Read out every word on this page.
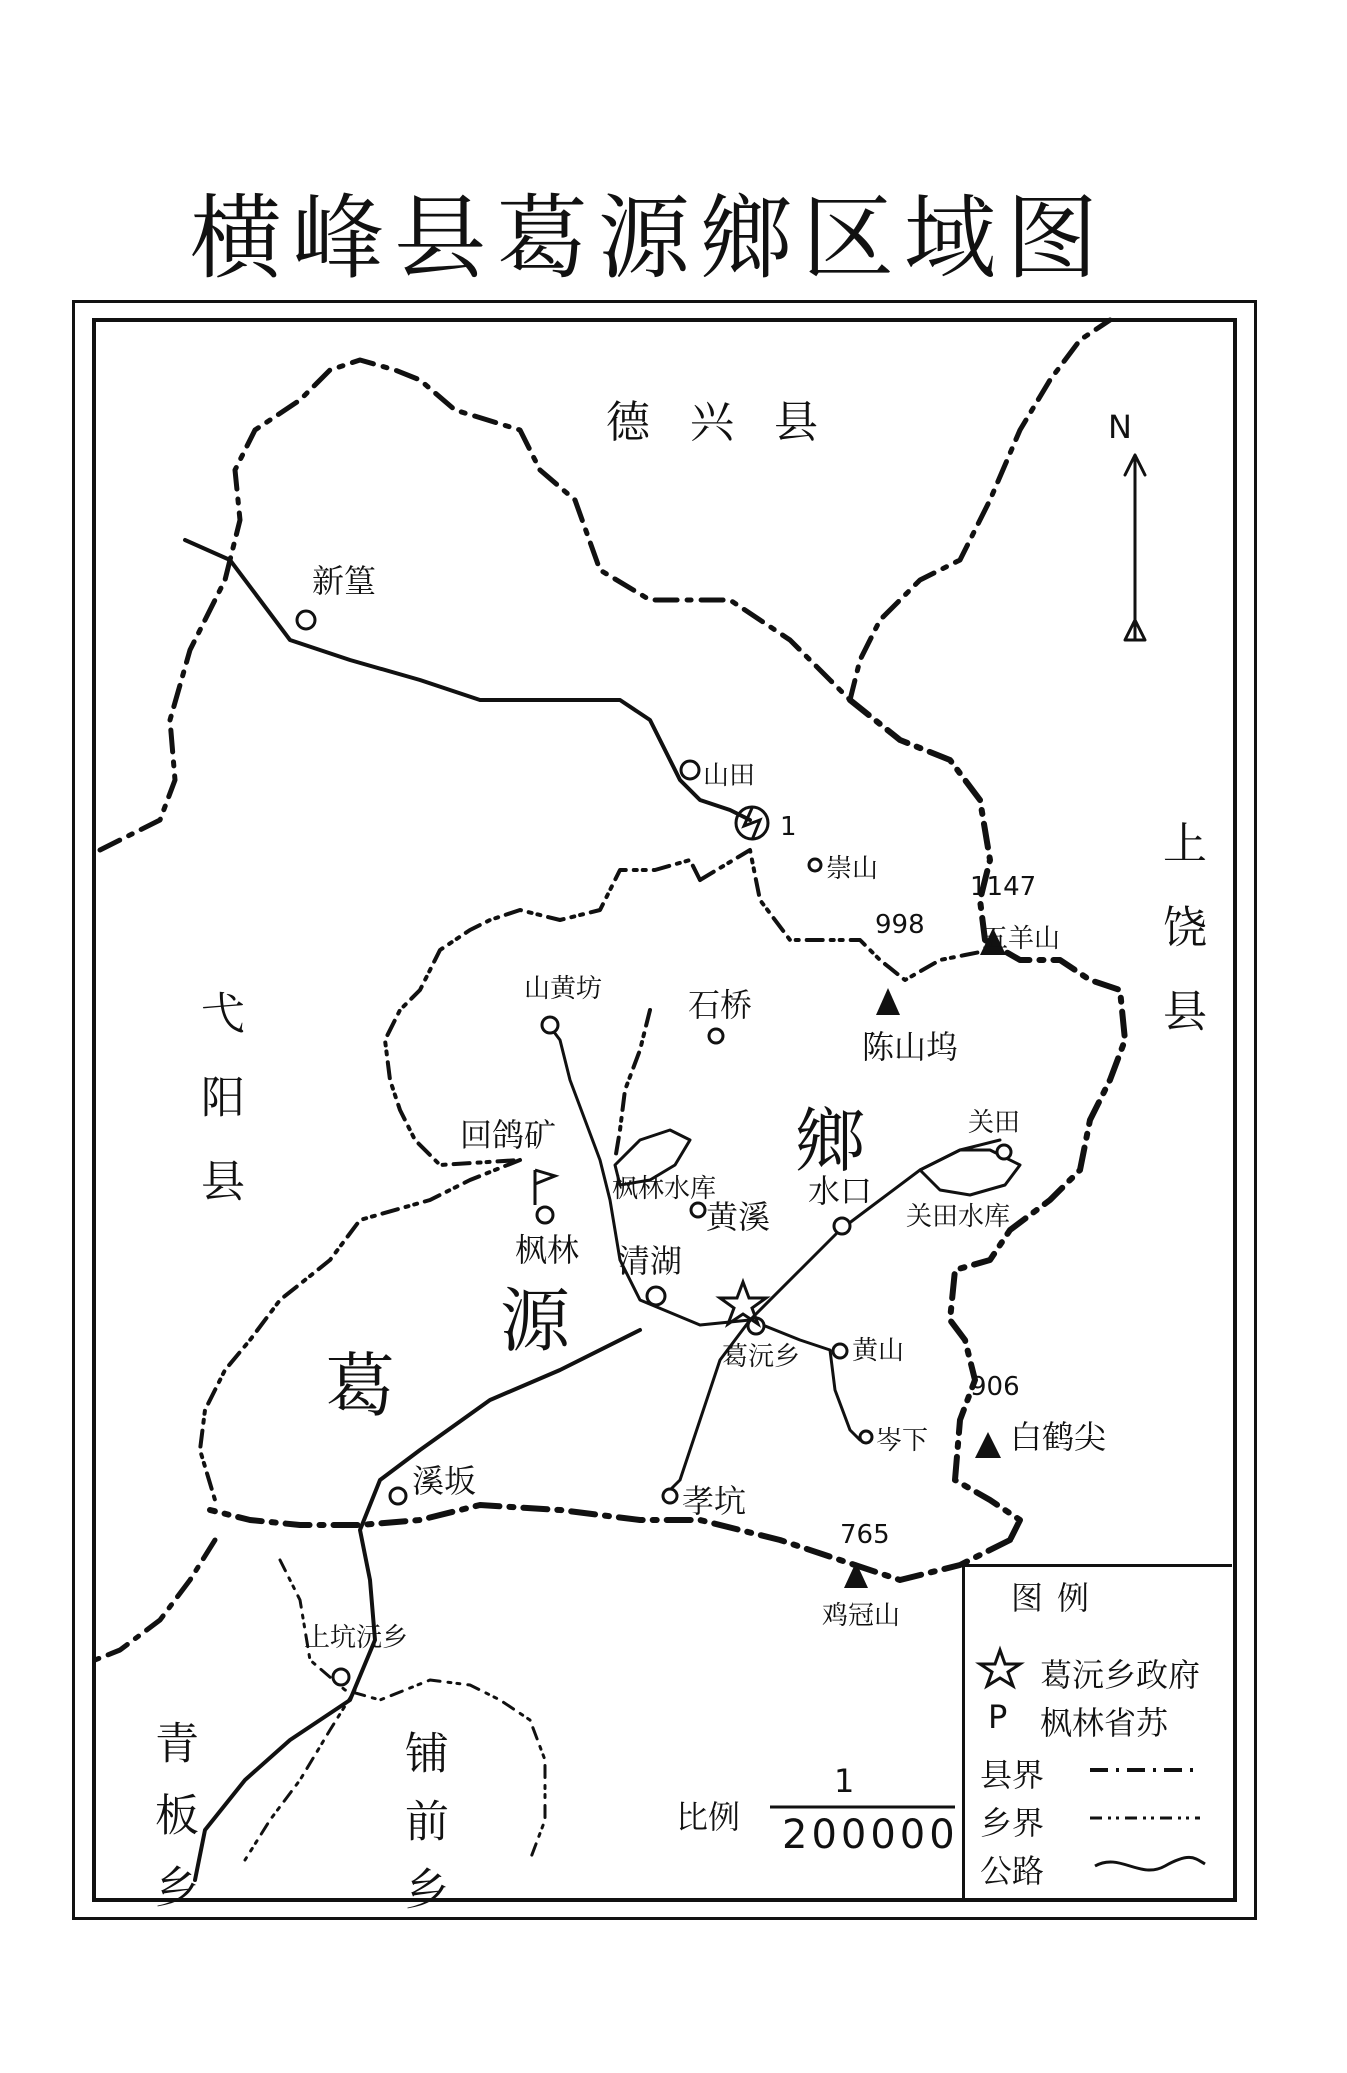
横峰县葛源鄉区域图
德兴县
上饶县
弋阳县
青板乡	铺前乡
葛
源
鄉
N
新篁
山田
1
崇山
山黄坊	石桥
回鸽矿
枫林
枫林水库
黄溪
清湖
水口
关田
关田水库
葛沅乡 黄山
岑下
孝坑
溪坂
上坑沅乡
陈山坞
五羊山
白鹤尖
鸡冠山
1147
998
906
765
比例
1
200000
图例
葛沅乡政府
P 枫林省苏
县界
乡界
公路
